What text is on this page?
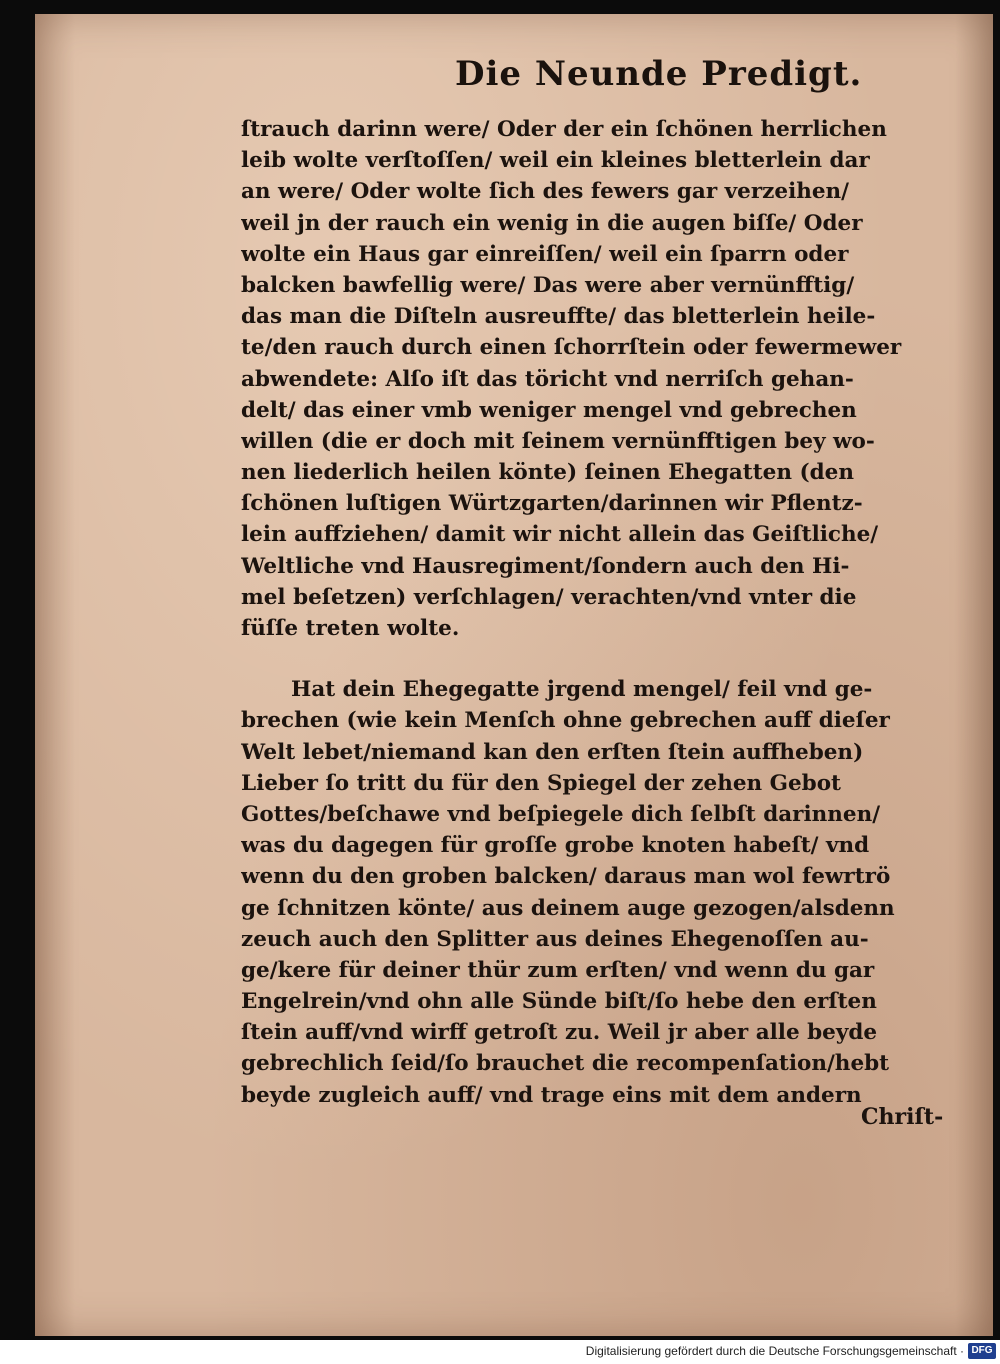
Die Neunde Predigt.
ſtrauch darinn were/ Oder der ein ſchönen herrlichen
leib wolte verſtoſſen/ weil ein kleines bletterlein dar
an were/ Oder wolte ſich des fewers gar verzeihen/
weil jn der rauch ein wenig in die augen biſſe/ Oder
wolte ein Haus gar einreiſſen/ weil ein ſparrn oder
balcken bawfellig were/ Das were aber vernünfftig/
das man die Diſteln ausreuffte/ das bletterlein heile-
te/den rauch durch einen ſchorrſtein oder fewermewer
abwendete: Alſo iſt das töricht vnd nerriſch gehan-
delt/ das einer vmb weniger mengel vnd gebrechen
willen (die er doch mit ſeinem vernünfftigen bey wo-
nen liederlich heilen könte) ſeinen Ehegatten (den
ſchönen luſtigen Würtzgarten/darinnen wir Pflentz-
lein auffziehen/ damit wir nicht allein das Geiſtliche/
Weltliche vnd Hausregiment/ſondern auch den Hi-
mel beſetzen) verſchlagen/ verachten/vnd vnter die
füſſe treten wolte.
Hat dein Ehegegatte jrgend mengel/ feil vnd ge-
brechen (wie kein Menſch ohne gebrechen auff dieſer
Welt lebet/niemand kan den erſten ſtein auffheben)
Lieber ſo tritt du für den Spiegel der zehen Gebot
Gottes/beſchawe vnd beſpiegele dich ſelbſt darinnen/
was du dagegen für groſſe grobe knoten habeſt/ vnd
wenn du den groben balcken/ daraus man wol fewrtrö
ge ſchnitzen könte/ aus deinem auge gezogen/alsdenn
zeuch auch den Splitter aus deines Ehegenoſſen au-
ge/kere für deiner thür zum erſten/ vnd wenn du gar
Engelrein/vnd ohn alle Sünde biſt/ſo hebe den erſten
ſtein auff/vnd wirff getroſt zu. Weil jr aber alle beyde
gebrechlich ſeid/ſo brauchet die recompenſation/hebt
beyde zugleich auff/ vnd trage eins mit dem andern
Chriſt-
Digitalisierung gefördert durch die Deutsche Forschungsgemeinschaft · DFG
